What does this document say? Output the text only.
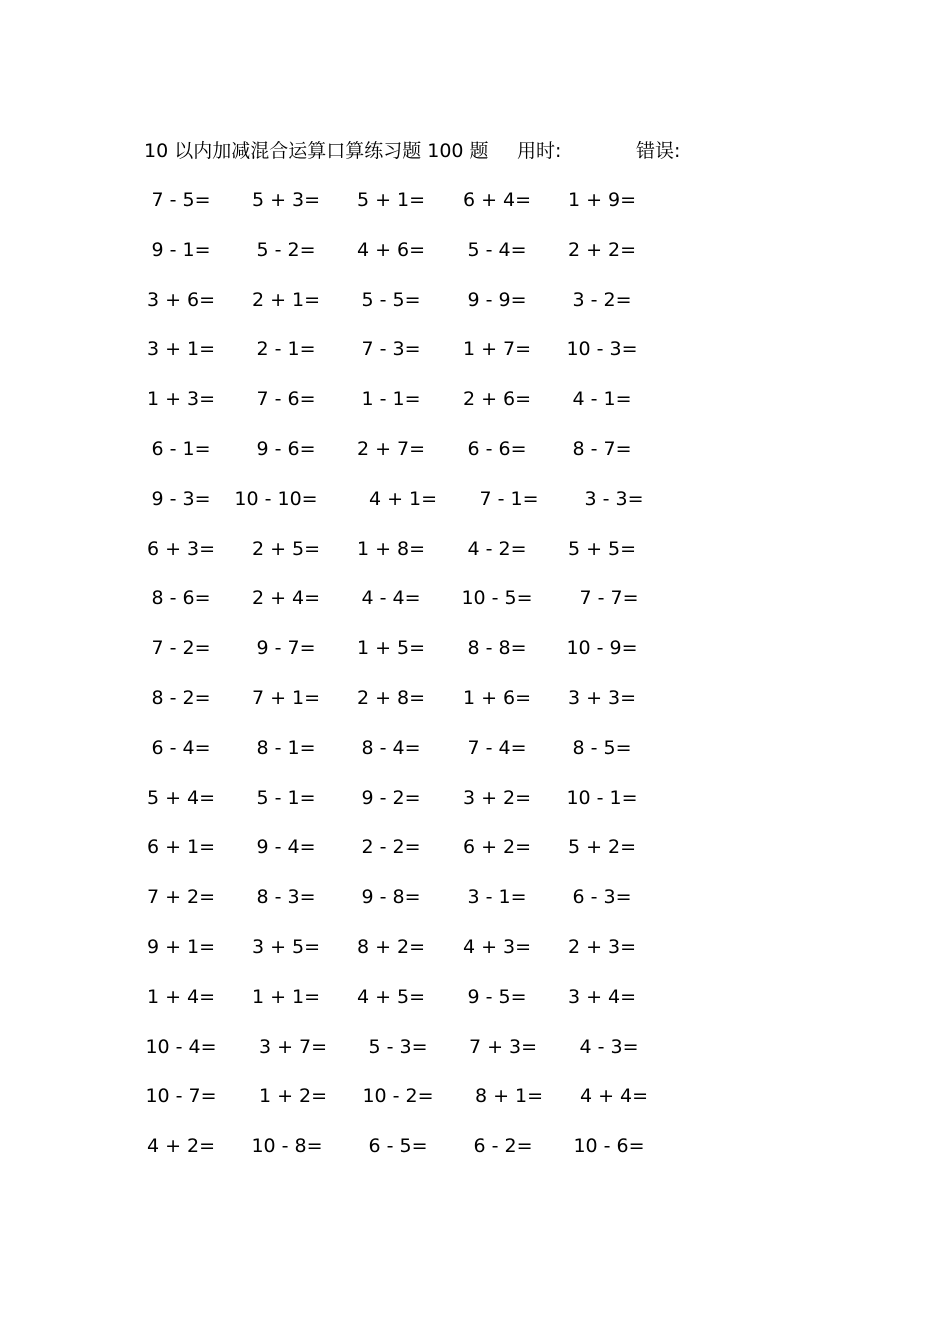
10 以内加减混合运算口算练习题 100 题 用时:	错误:
7 - 5=	5 + 3=	5 + 1=	6 + 4=	1 + 9=
9 - 1=	5 - 2=	4 + 6=	5 - 4=	2 + 2=
3 + 6=	2 + 1=	5 - 5=	9 - 9=	3 - 2=
3 + 1=	2 - 1=	7 - 3=	1 + 7=	10 - 3=
1 + 3=	7 - 6=	1 - 1=	2 + 6=	4 - 1=
6 - 1=	9 - 6=	2 + 7=	6 - 6=	8 - 7=
9 - 3=	10 - 10=	4 + 1=	7 - 1=	3 - 3=
6 + 3=	2 + 5=	1 + 8=	4 - 2=	5 + 5=
8 - 6=	2 + 4=	4 - 4=	10 - 5=	7 - 7=
7 - 2=	9 - 7=	1 + 5=	8 - 8=	10 - 9=
8 - 2=	7 + 1=	2 + 8=	1 + 6=	3 + 3=
6 - 4=	8 - 1=	8 - 4=	7 - 4=	8 - 5=
5 + 4=	5 - 1=	9 - 2=	3 + 2=	10 - 1=
6 + 1=	9 - 4=	2 - 2=	6 + 2=	5 + 2=
7 + 2=	8 - 3=	9 - 8=	3 - 1=	6 - 3=
9 + 1=	3 + 5=	8 + 2=	4 + 3=	2 + 3=
1 + 4=	1 + 1=	4 + 5=	9 - 5=	3 + 4=
10 - 4=	3 + 7=	5 - 3=	7 + 3=	4 - 3=
10 - 7=	1 + 2=	10 - 2=	8 + 1=	4 + 4=
4 + 2=	10 - 8=	6 - 5=	6 - 2=	10 - 6=
